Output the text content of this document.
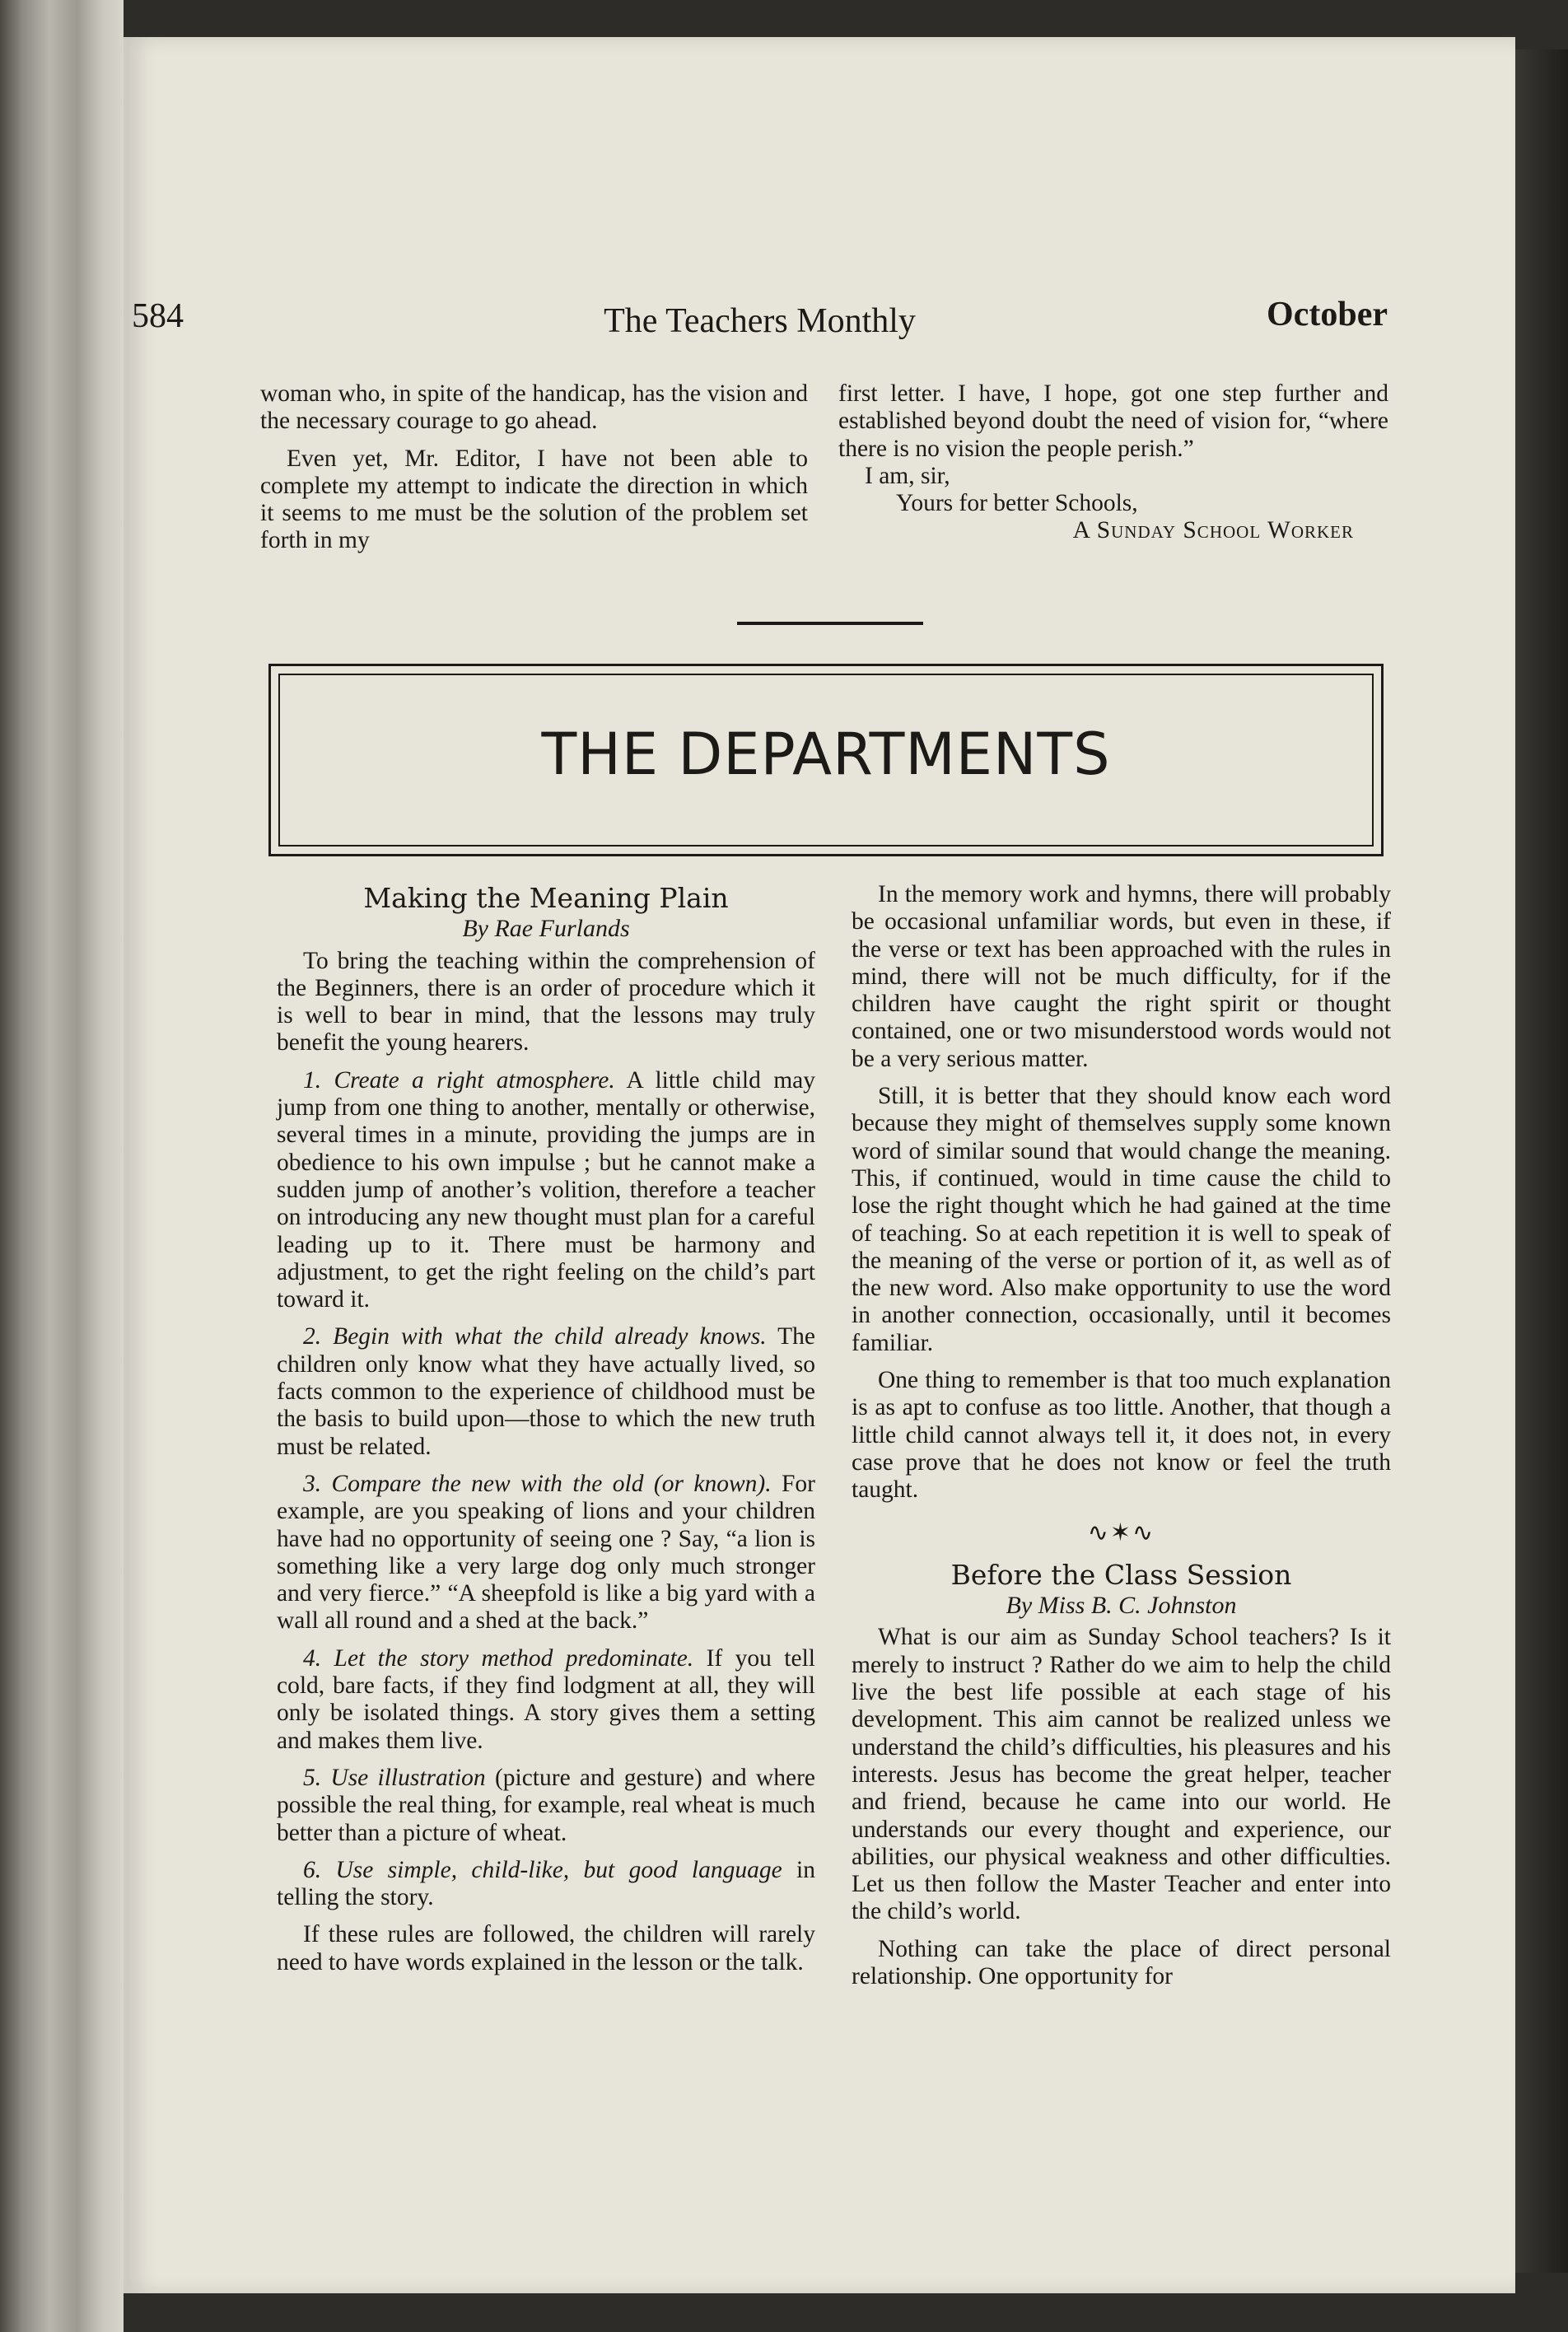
584	The Teachers Monthly	October

woman who, in spite of the handicap, has the vision and the necessary courage to go ahead.

Even yet, Mr. Editor, I have not been able to complete my attempt to indicate the direction in which it seems to me must be the solution of the problem set forth in my

first letter. I have, I hope, got one step further and established beyond doubt the need of vision for, “where there is no vision the people perish.”

I am, sir,
Yours for better Schools,
A Sunday School Worker
THE DEPARTMENTS
Making the Meaning Plain
By Rae Furlands

To bring the teaching within the comprehension of the Beginners, there is an order of procedure which it is well to bear in mind, that the lessons may truly benefit the young hearers.

1. Create a right atmosphere. A little child may jump from one thing to another, mentally or otherwise, several times in a minute, providing the jumps are in obedience to his own impulse ; but he cannot make a sudden jump of another’s volition, therefore a teacher on introducing any new thought must plan for a careful leading up to it. There must be harmony and adjustment, to get the right feeling on the child’s part toward it.

2. Begin with what the child already knows. The children only know what they have actually lived, so facts common to the experience of childhood must be the basis to build upon—those to which the new truth must be related.

3. Compare the new with the old (or known). For example, are you speaking of lions and your children have had no opportunity of seeing one ? Say, “a lion is something like a very large dog only much stronger and very fierce.” “A sheepfold is like a big yard with a wall all round and a shed at the back.”

4. Let the story method predominate. If you tell cold, bare facts, if they find lodgment at all, they will only be isolated things. A story gives them a setting and makes them live.

5. Use illustration (picture and gesture) and where possible the real thing, for example, real wheat is much better than a picture of wheat.

6. Use simple, child-like, but good language in telling the story.

If these rules are followed, the children will rarely need to have words explained in the lesson or the talk.

In the memory work and hymns, there will probably be occasional unfamiliar words, but even in these, if the verse or text has been approached with the rules in mind, there will not be much difficulty, for if the children have caught the right spirit or thought contained, one or two misunderstood words would not be a very serious matter.

Still, it is better that they should know each word because they might of themselves supply some known word of similar sound that would change the meaning. This, if continued, would in time cause the child to lose the right thought which he had gained at the time of teaching. So at each repetition it is well to speak of the meaning of the verse or portion of it, as well as of the new word. Also make opportunity to use the word in another connection, occasionally, until it becomes familiar.

One thing to remember is that too much explanation is as apt to confuse as too little. Another, that though a little child cannot always tell it, it does not, in every case prove that he does not know or feel the truth taught.

∿✶∿
Before the Class Session
By Miss B. C. Johnston

What is our aim as Sunday School teachers? Is it merely to instruct ? Rather do we aim to help the child live the best life possible at each stage of his development. This aim cannot be realized unless we understand the child’s difficulties, his pleasures and his interests. Jesus has become the great helper, teacher and friend, because he came into our world. He understands our every thought and experience, our abilities, our physical weakness and other difficulties. Let us then follow the Master Teacher and enter into the child’s world.

Nothing can take the place of direct personal relationship. One opportunity for
